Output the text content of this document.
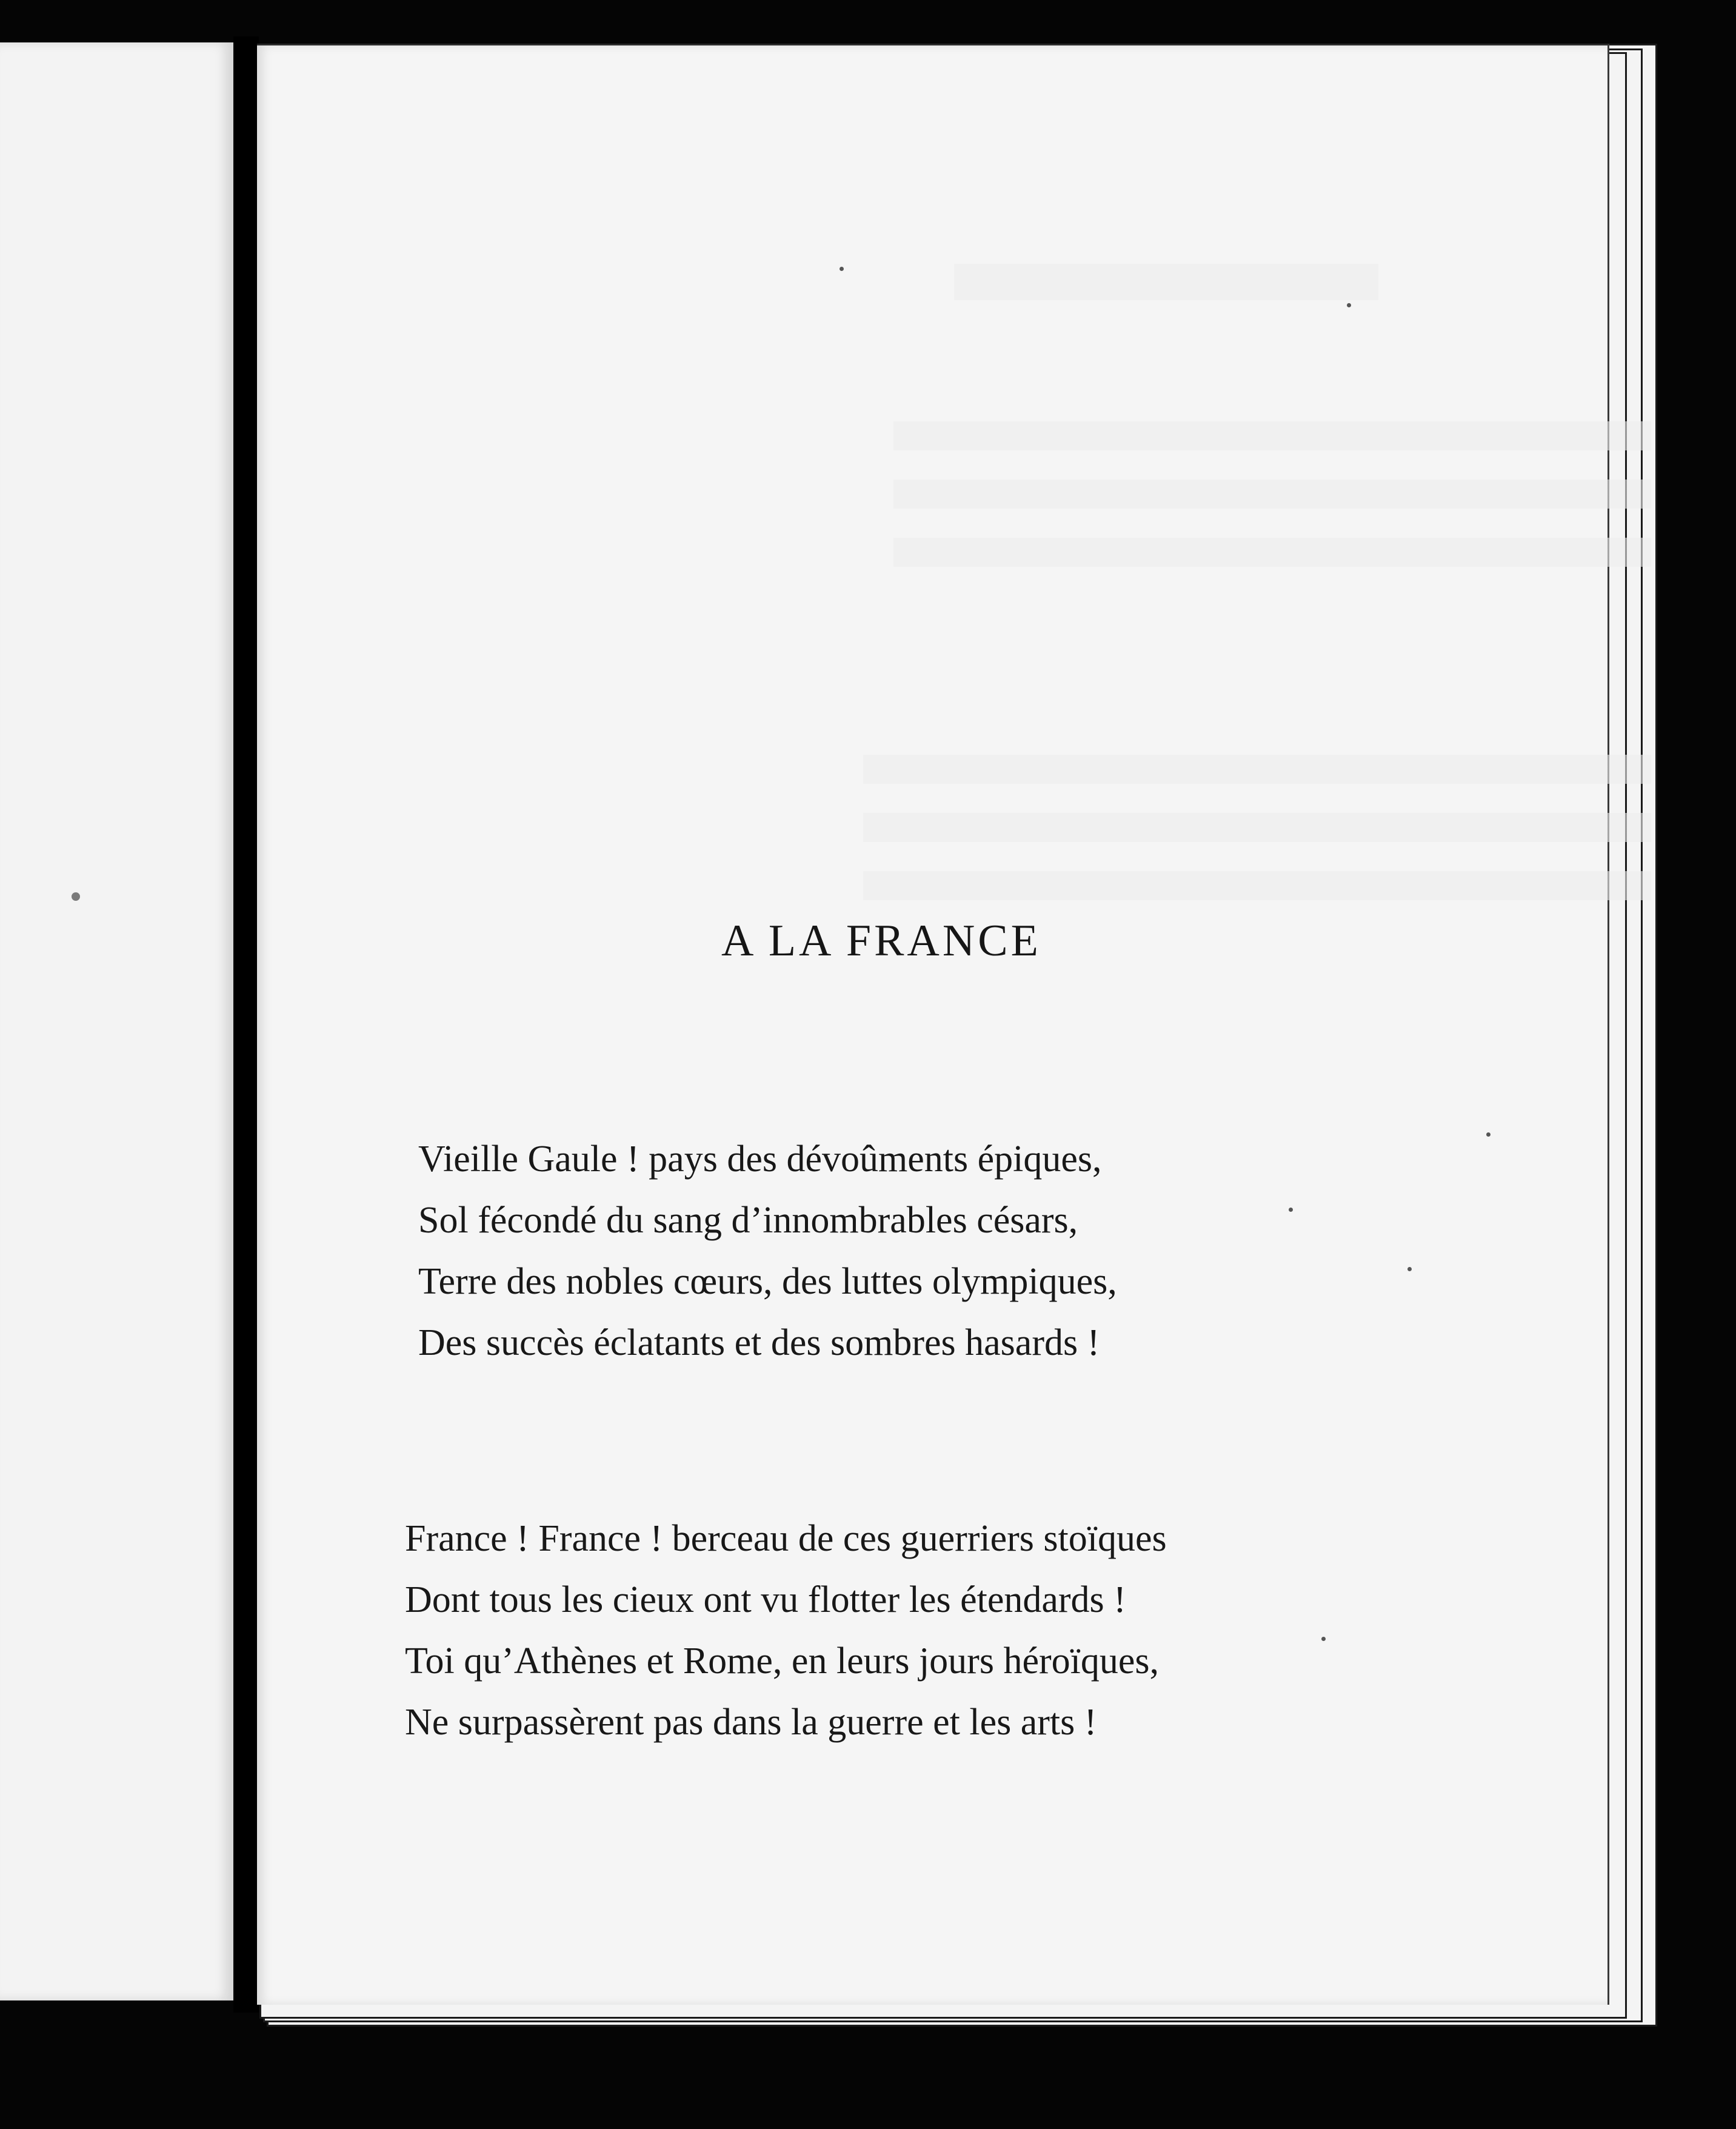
A LA FRANCE
Vieille Gaule ! pays des dévoûments épiques,
Sol fécondé du sang d’innombrables césars,
Terre des nobles cœurs, des luttes olympiques,
Des succès éclatants et des sombres hasards !
France ! France ! berceau de ces guerriers stoïques
Dont tous les cieux ont vu flotter les étendards !
Toi qu’Athènes et Rome, en leurs jours héroïques,
Ne surpassèrent pas dans la guerre et les arts !
